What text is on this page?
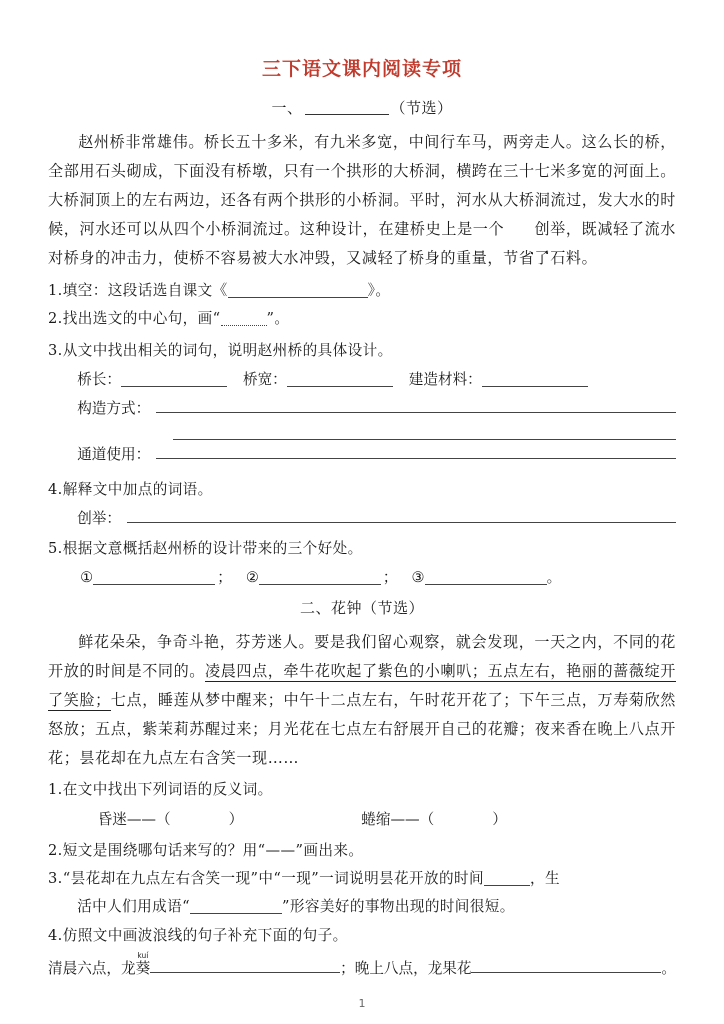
三下语文课内阅读专项
一、	（节选）

赵州桥非常雄伟。桥长五十多米，有九米多宽，中间行车马，两旁走人。这么长的桥，全部用石头砌成，下面没有桥墩，只有一个拱形的大桥洞，横跨在三十七米多宽的河面上。大桥洞顶上的左右两边，还各有两个拱形的小桥洞。平时，河水从大桥洞流过，发大水的时候，河水还可以从四个小桥洞流过。这种设计，在建桥史上是一个 创举 · ·，既减轻了流水对桥身的冲击力，使桥不容易被大水冲毁，又减轻了桥身的重量，节省了石料。

1.填空：这段话选自课文《	》。
2.找出选文的中心句，画“	”。
3.从文中找出相关的词句，说明赵州桥的具体设计。
桥长：	桥宽：	建造材料：
构造方式：
通道使用：
4.解释文中加点的词语。
创举：
5.根据文意概括赵州桥的设计带来的三个好处。
①	； ②	； ③	。
二、花钟（节选）

鲜花朵朵，争奇斗艳，芬芳迷人。要是我们留心观察，就会发现，一天之内，不同的花开放的时间是不同的。凌晨四点，牵牛花吹起了紫色的小喇叭；五点左右，艳丽的蔷薇绽开了笑脸；七点，睡莲从梦中醒来；中午十二点左右，午时花开花了；下午三点，万寿菊欣然怒放；五点，紫茉莉苏醒过来；月光花在七点左右舒展开自己的花瓣；夜来香在晚上八点开花；昙花却在九点左右含笑一现……

1.在文中找出下列词语的反义词。
昏迷——（	）	蜷缩——（	）
2.短文是围绕哪句话来写的？用“——”画出来。
3.“昙花却在九点左右含笑一现”中“一现”一词说明昙花开放的时间	，生
活中人们用成语“	”形容美好的事物出现的时间很短。
4.仿照文中画波浪线的句子补充下面的句子。
清晨六点，龙葵kuí
； 晚上八点，龙果花	。
1
